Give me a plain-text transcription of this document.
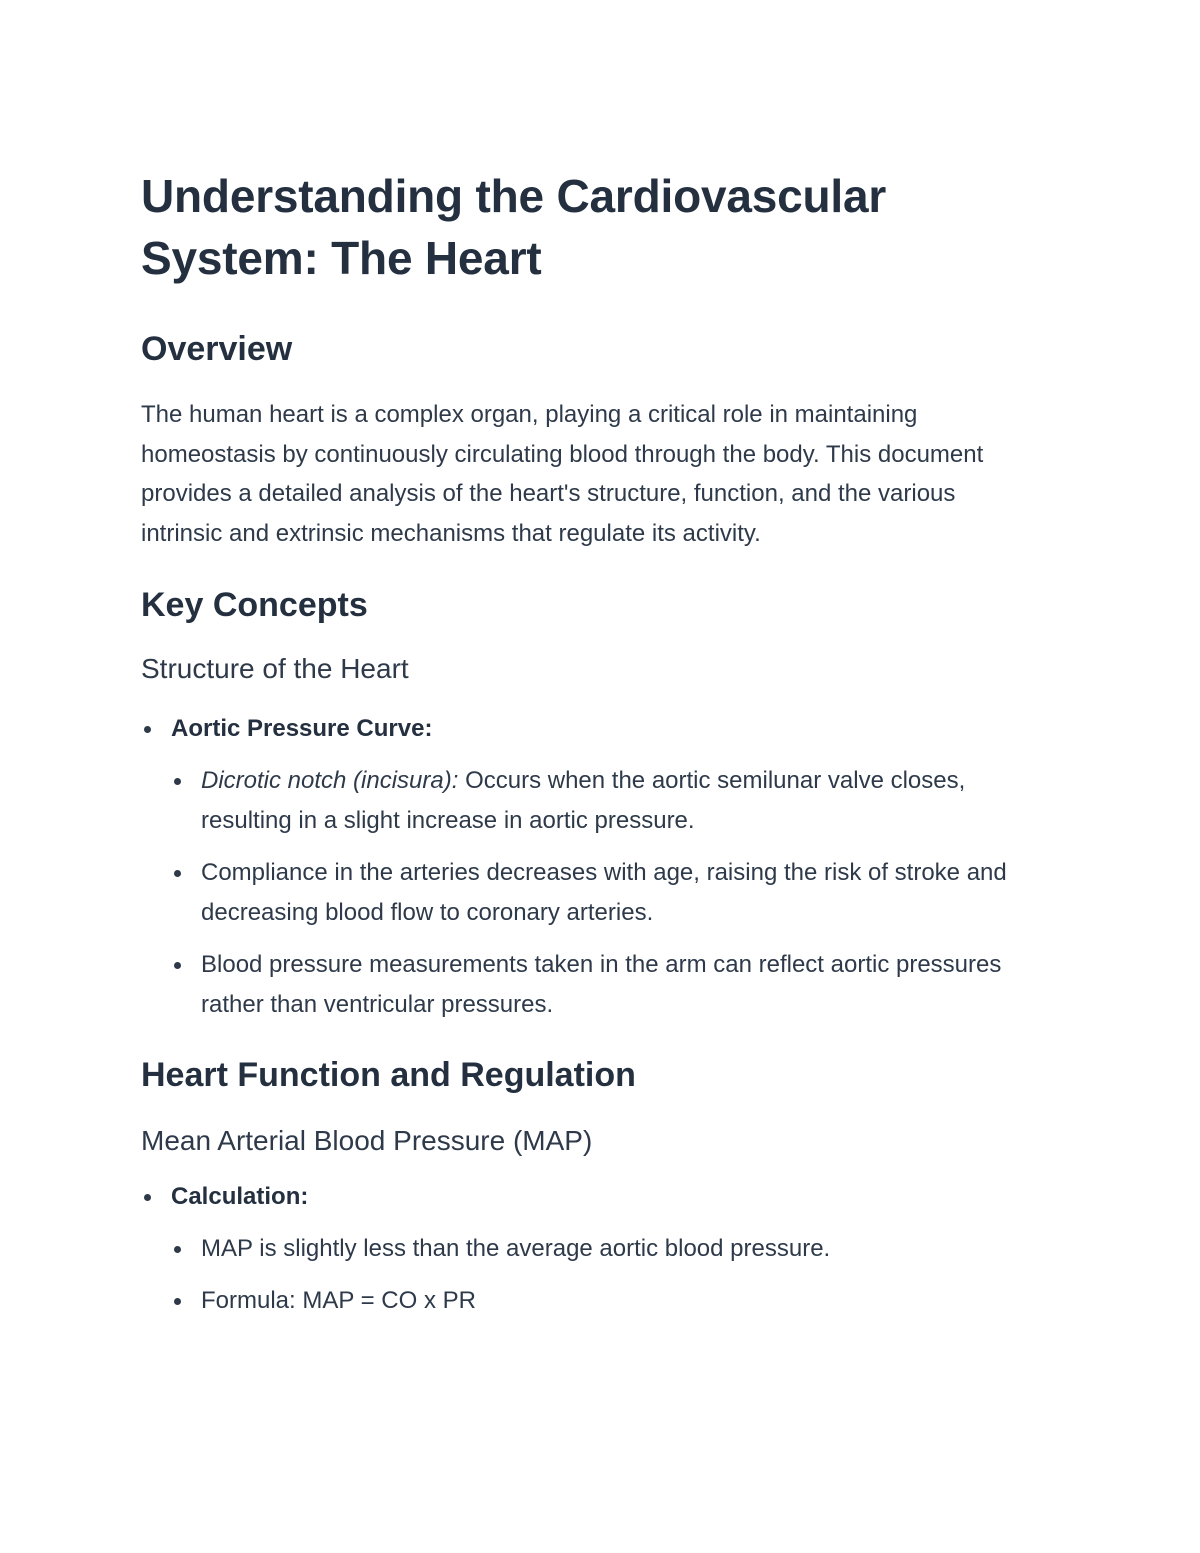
Understanding the Cardiovascular System: The Heart
Overview

The human heart is a complex organ, playing a critical role in maintaining homeostasis by continuously circulating blood through the body. This document provides a detailed analysis of the heart's structure, function, and the various intrinsic and extrinsic mechanisms that regulate its activity.

Key Concepts
Structure of the Heart
Aortic Pressure Curve:
Dicrotic notch (incisura): Occurs when the aortic semilunar valve closes, resulting in a slight increase in aortic pressure.
Compliance in the arteries decreases with age, raising the risk of stroke and decreasing blood flow to coronary arteries.
Blood pressure measurements taken in the arm can reflect aortic pressures rather than ventricular pressures.
Heart Function and Regulation
Mean Arterial Blood Pressure (MAP)
Calculation:
MAP is slightly less than the average aortic blood pressure.
Formula: MAP = CO x PR
